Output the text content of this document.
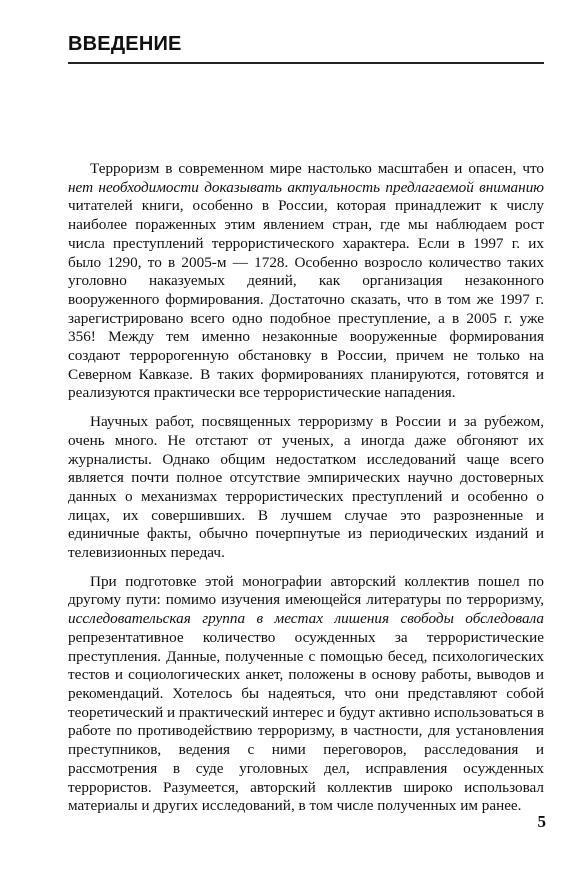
ВВЕДЕНИЕ

Терроризм в современном мире настолько масштабен и опасен, что нет необходимости доказывать актуальность предлагаемой вниманию читателей книги, особенно в России, которая принадлежит к числу наиболее пораженных этим явлением стран, где мы наблюдаем рост числа преступлений террористического характера. Если в 1997 г. их было 1290, то в 2005-м — 1728. Особенно возросло количество таких уголовно наказуемых деяний, как организация незаконного вооруженного формирования. Достаточно сказать, что в том же 1997 г. зарегистрировано всего одно подобное преступление, а в 2005 г. уже 356! Между тем именно незаконные вооруженные формирования создают терророгенную обстановку в России, причем не только на Северном Кавказе. В таких формированиях планируются, готовятся и реализуются практически все террористические нападения.

Научных работ, посвященных терроризму в России и за рубежом, очень много. Не отстают от ученых, а иногда даже обгоняют их журналисты. Однако общим недостатком исследований чаще всего является почти полное отсутствие эмпирических научно достоверных данных о механизмах террористических преступлений и особенно о лицах, их совершивших. В лучшем случае это разрозненные и единичные факты, обычно почерпнутые из периодических изданий и телевизионных передач.

При подготовке этой монографии авторский коллектив пошел по другому пути: помимо изучения имеющейся литературы по терроризму, исследовательская группа в местах лишения свободы обследовала репрезентативное количество осужденных за террористические преступления. Данные, полученные с помощью бесед, психологических тестов и социологических анкет, положены в основу работы, выводов и рекомендаций. Хотелось бы надеяться, что они представляют собой теоретический и практический интерес и будут активно использоваться в работе по противодействию терроризму, в частности, для установления преступников, ведения с ними переговоров, расследования и рассмотрения в суде уголовных дел, исправления осужденных террористов. Разумеется, авторский коллектив широко использовал материалы и других исследований, в том числе полученных им ранее.

5
